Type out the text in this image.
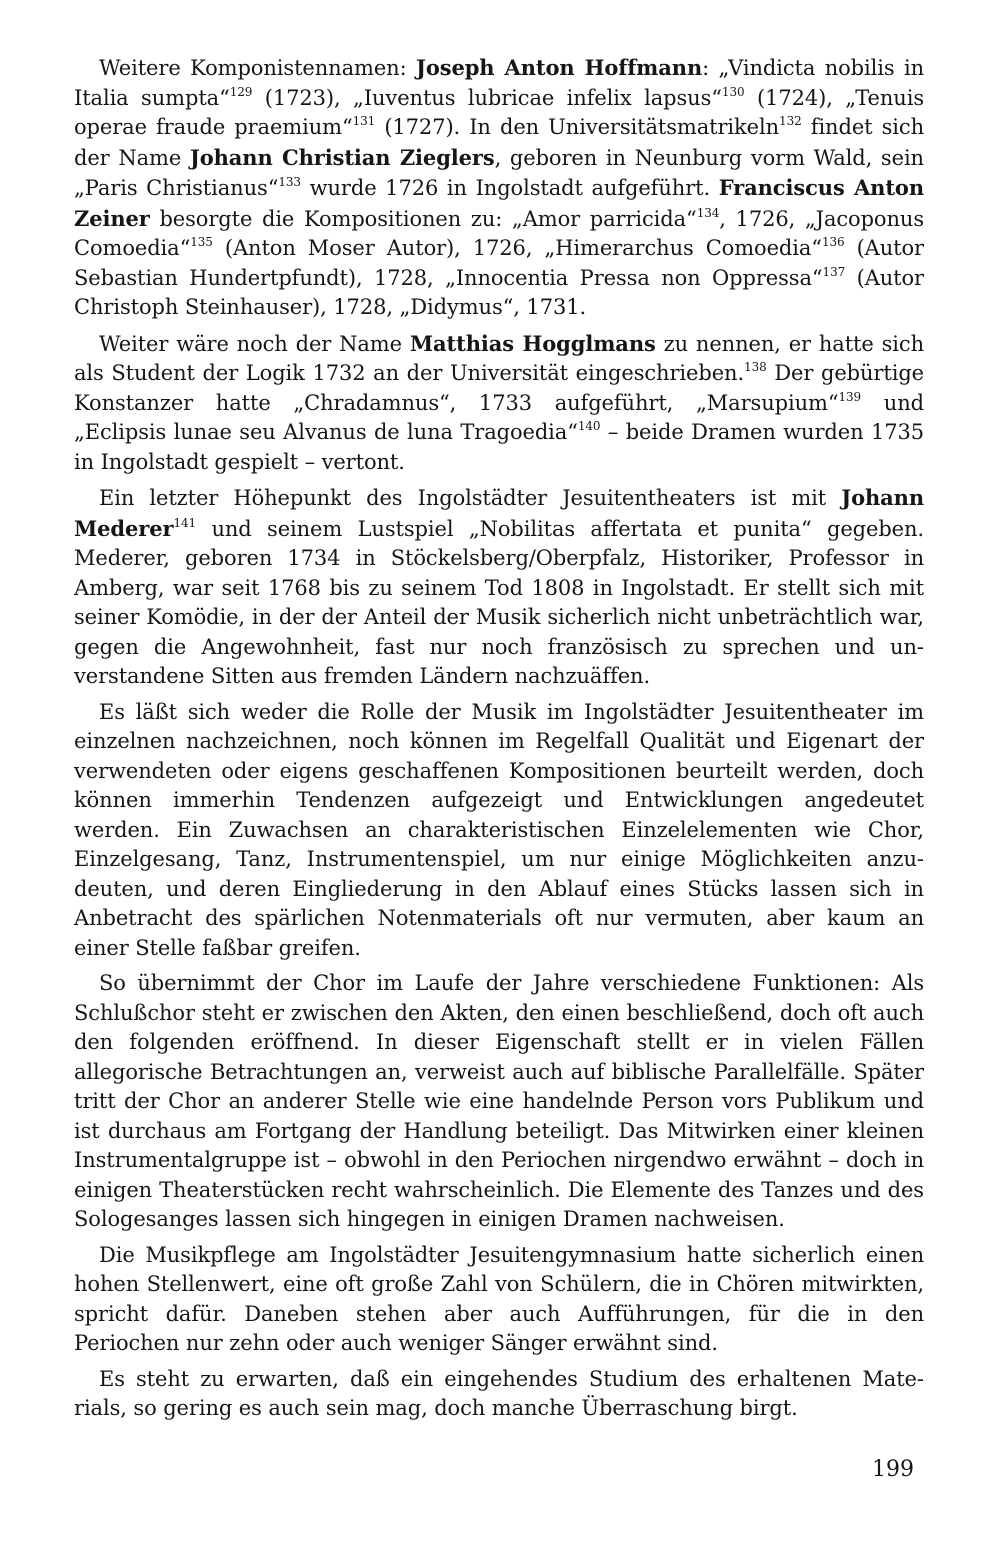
Weitere Komponistennamen: Joseph Anton Hoffmann: „Vindicta nobilis in Italia sumpta“$^{129}$ (1723), „Iuventus lubricae infelix lapsus“$^{130}$ (1724), „Tenuis operae fraude praemium“$^{131}$ (1727). In den Universitätsmatrikeln$^{132}$ findet sich der Name Johann Christian Zieglers, geboren in Neunburg vorm Wald, sein „Paris Christianus“$^{133}$ wurde 1726 in Ingolstadt aufgeführt. Franciscus Anton Zeiner besorgte die Kompositionen zu: „Amor parricida“$^{134}$, 1726, „Jacoponus Comoedia“$^{135}$ (Anton Moser Autor), 1726, „Himerarchus Comoedia“$^{136}$ (Autor Sebastian Hundertpfundt), 1728, „Innocentia Pressa non Oppressa“$^{137}$ (Autor Christoph Steinhauser), 1728, „Didymus“, 1731.

Weiter wäre noch der Name Matthias Hogglmans zu nennen, er hatte sich als Student der Logik 1732 an der Universität eingeschrieben.$^{138}$ Der gebürtige Konstanzer hatte „Chradamnus“, 1733 aufgeführt, „Marsupium“$^{139}$ und „Eclipsis lunae seu Alvanus de luna Tragoedia“$^{140}$ – beide Dramen wurden 1735 in Ingolstadt gespielt – vertont.

Ein letzter Höhepunkt des Ingolstädter Jesuitentheaters ist mit Johann Mederer$^{141}$ und seinem Lustspiel „Nobilitas affertata et punita“ gegeben. Mederer, geboren 1734 in Stöckelsberg/Oberpfalz, Historiker, Professor in Amberg, war seit 1768 bis zu seinem Tod 1808 in Ingolstadt. Er stellt sich mit seiner Komödie, in der der Anteil der Musik sicherlich nicht unbeträchtlich war, gegen die Angewohnheit, fast nur noch französisch zu sprechen und unverstandene Sitten aus fremden Ländern nachzuäffen.

Es läßt sich weder die Rolle der Musik im Ingolstädter Jesuitentheater im einzelnen nachzeichnen, noch können im Regelfall Qualität und Eigenart der verwendeten oder eigens geschaffenen Kompositionen beurteilt werden, doch können immerhin Tendenzen aufgezeigt und Entwicklungen angedeutet werden. Ein Zuwachsen an charakteristischen Einzelelementen wie Chor, Einzelgesang, Tanz, Instrumentenspiel, um nur einige Möglichkeiten anzudeuten, und deren Eingliederung in den Ablauf eines Stücks lassen sich in Anbetracht des spärlichen Notenmaterials oft nur vermuten, aber kaum an einer Stelle faßbar greifen.

So übernimmt der Chor im Laufe der Jahre verschiedene Funktionen: Als Schlußchor steht er zwischen den Akten, den einen beschließend, doch oft auch den folgenden eröffnend. In dieser Eigenschaft stellt er in vielen Fällen allegorische Betrachtungen an, verweist auch auf biblische Parallelfälle. Später tritt der Chor an anderer Stelle wie eine handelnde Person vors Publikum und ist durchaus am Fortgang der Handlung beteiligt. Das Mitwirken einer kleinen Instrumentalgruppe ist – obwohl in den Periochen nirgendwo erwähnt – doch in einigen Theaterstücken recht wahrscheinlich. Die Elemente des Tanzes und des Sologesanges lassen sich hingegen in einigen Dramen nachweisen.

Die Musikpflege am Ingolstädter Jesuitengymnasium hatte sicherlich einen hohen Stellenwert, eine oft große Zahl von Schülern, die in Chören mitwirkten, spricht dafür. Daneben stehen aber auch Aufführungen, für die in den Periochen nur zehn oder auch weniger Sänger erwähnt sind.

Es steht zu erwarten, daß ein eingehendes Studium des erhaltenen Materials, so gering es auch sein mag, doch manche Überraschung birgt.

199
